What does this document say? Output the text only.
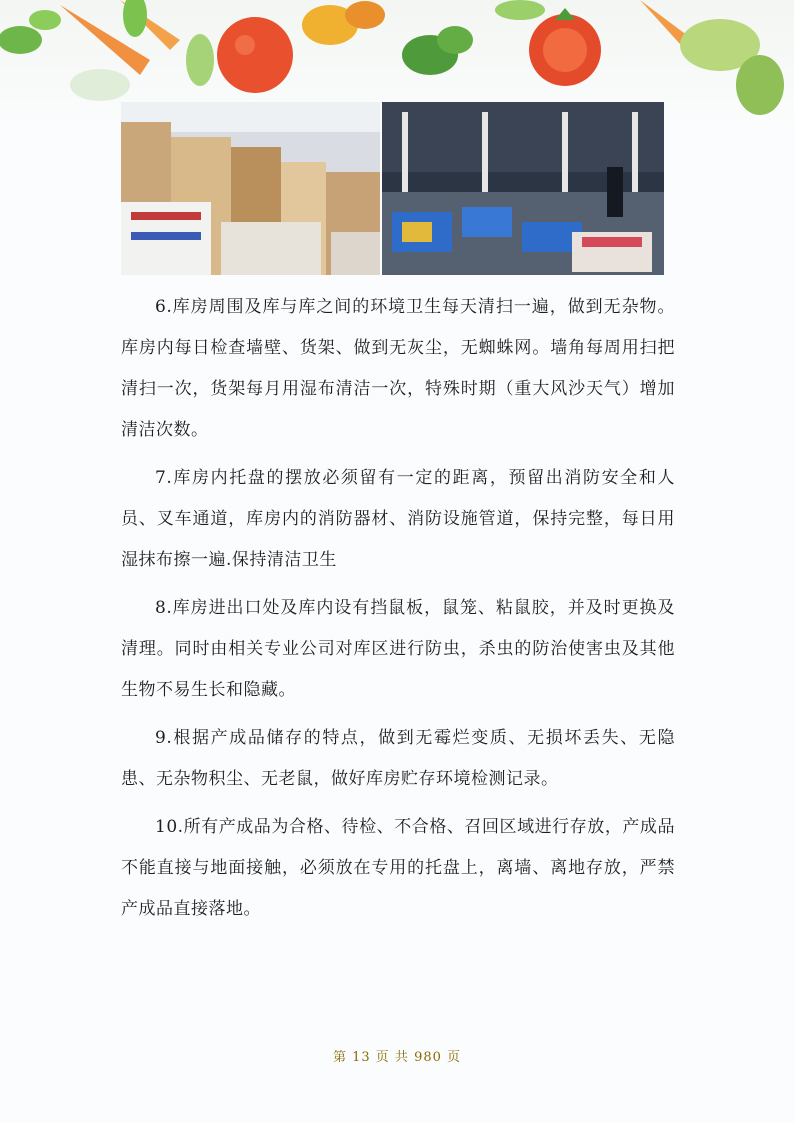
6.库房周围及库与库之间的环境卫生每天清扫一遍，做到无杂物。库房内每日检查墙壁、货架、做到无灰尘，无蜘蛛网。墙角每周用扫把清扫一次，货架每月用湿布清洁一次，特殊时期（重大风沙天气）增加清洁次数。

7.库房内托盘的摆放必须留有一定的距离，预留出消防安全和人员、叉车通道，库房内的消防器材、消防设施管道，保持完整，每日用湿抹布擦一遍.保持清洁卫生

8.库房进出口处及库内设有挡鼠板，鼠笼、粘鼠胶，并及时更换及清理。同时由相关专业公司对库区进行防虫，杀虫的防治使害虫及其他生物不易生长和隐藏。

9.根据产成品储存的特点，做到无霉烂变质、无损坏丢失、无隐患、无杂物积尘、无老鼠，做好库房贮存环境检测记录。

10.所有产成品为合格、待检、不合格、召回区域进行存放，产成品不能直接与地面接触，必须放在专用的托盘上，离墙、离地存放，严禁产成品直接落地。

第 13 页 共 980 页
